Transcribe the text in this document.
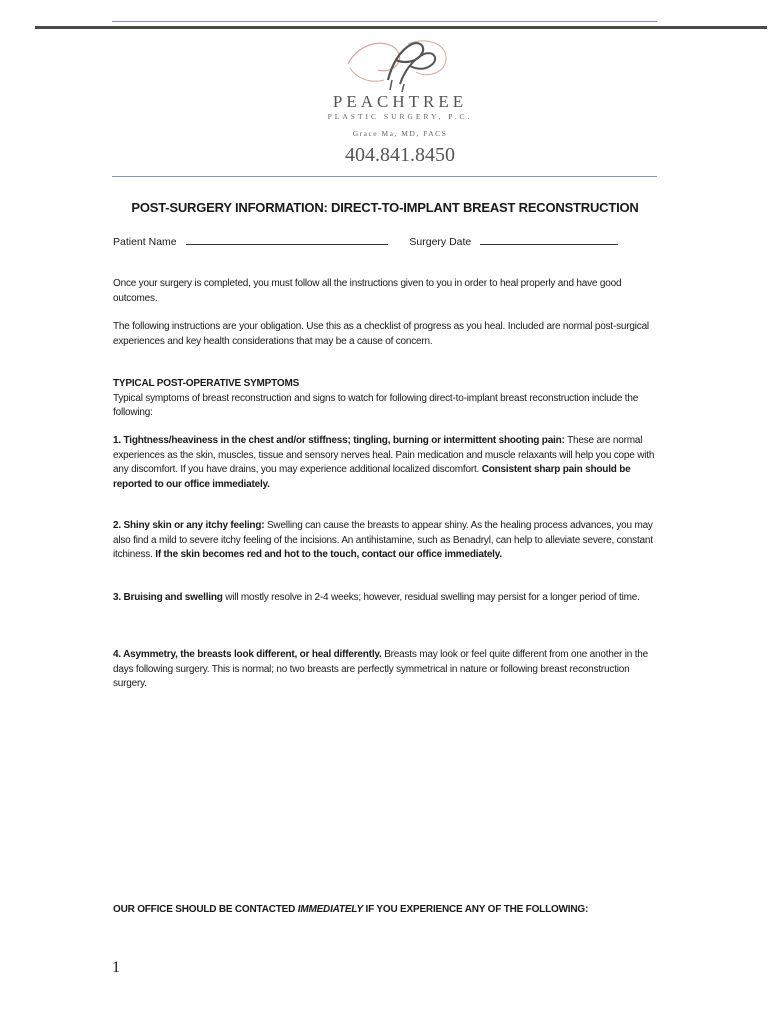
PEACHTREE
PLASTIC SURGERY, P.C.
Grace Ma, MD, FACS
404.841.8450
POST-SURGERY INFORMATION: DIRECT-TO-IMPLANT BREAST RECONSTRUCTION
Patient Name	Surgery Date
Once your surgery is completed, you must follow all the instructions given to you in order to heal properly and have good outcomes.
The following instructions are your obligation. Use this as a checklist of progress as you heal. Included are normal post-surgical experiences and key health considerations that may be a cause of concern.
TYPICAL POST-OPERATIVE SYMPTOMS
Typical symptoms of breast reconstruction and signs to watch for following direct-to-implant breast reconstruction include the following:
1. Tightness/heaviness in the chest and/or stiffness; tingling, burning or intermittent shooting pain: These are normal experiences as the skin, muscles, tissue and sensory nerves heal. Pain medication and muscle relaxants will help you cope with any discomfort. If you have drains, you may experience additional localized discomfort. Consistent sharp pain should be reported to our office immediately.
2. Shiny skin or any itchy feeling: Swelling can cause the breasts to appear shiny. As the healing process advances, you may also find a mild to severe itchy feeling of the incisions. An antihistamine, such as Benadryl, can help to alleviate severe, constant itchiness. If the skin becomes red and hot to the touch, contact our office immediately.
3. Bruising and swelling will mostly resolve in 2-4 weeks; however, residual swelling may persist for a longer period of time.
4. Asymmetry, the breasts look different, or heal differently. Breasts may look or feel quite different from one another in the days following surgery. This is normal; no two breasts are perfectly symmetrical in nature or following breast reconstruction surgery.
OUR OFFICE SHOULD BE CONTACTED IMMEDIATELY IF YOU EXPERIENCE ANY OF THE FOLLOWING:
1
